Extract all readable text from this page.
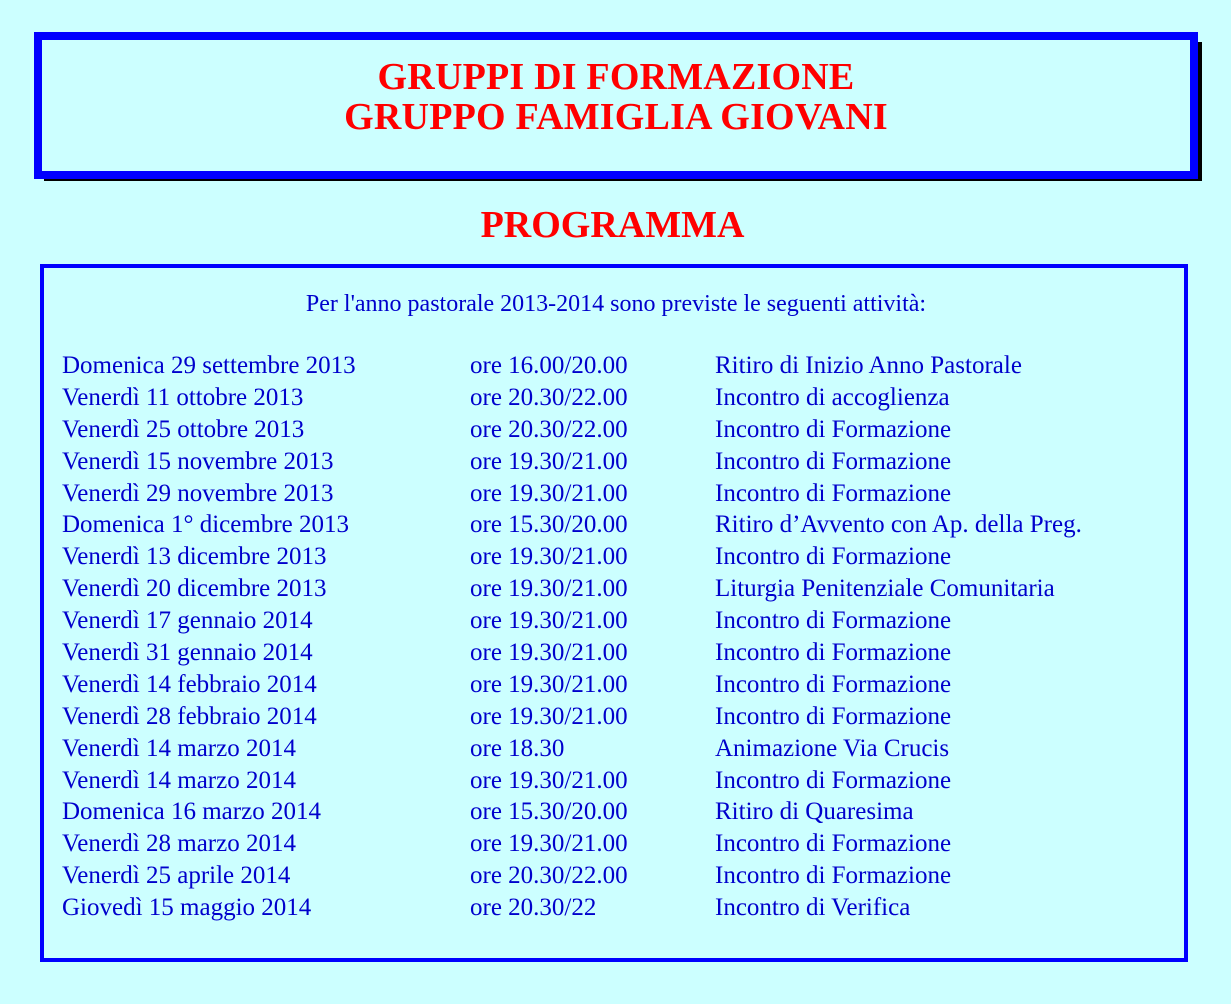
GRUPPI DI FORMAZIONE
GRUPPO FAMIGLIA GIOVANI
PROGRAMMA
Per l'anno pastorale 2013-2014 sono previste le seguenti attività:
Domenica 29 settembre 2013	ore 16.00/20.00	Ritiro di Inizio Anno Pastorale
Venerdì 11 ottobre 2013	ore 20.30/22.00	Incontro di accoglienza
Venerdì 25 ottobre 2013	ore 20.30/22.00	Incontro di Formazione
Venerdì 15 novembre 2013	ore 19.30/21.00	Incontro di Formazione
Venerdì 29 novembre 2013	ore 19.30/21.00	Incontro di Formazione
Domenica 1° dicembre 2013	ore 15.30/20.00	Ritiro d’Avvento con Ap. della Preg.
Venerdì 13 dicembre 2013	ore 19.30/21.00	Incontro di Formazione
Venerdì 20 dicembre 2013	ore 19.30/21.00	Liturgia Penitenziale Comunitaria
Venerdì 17 gennaio 2014	ore 19.30/21.00	Incontro di Formazione
Venerdì 31 gennaio 2014	ore 19.30/21.00	Incontro di Formazione
Venerdì 14 febbraio 2014	ore 19.30/21.00	Incontro di Formazione
Venerdì 28 febbraio 2014	ore 19.30/21.00	Incontro di Formazione
Venerdì 14 marzo 2014	ore 18.30	Animazione Via Crucis
Venerdì 14 marzo 2014	ore 19.30/21.00	Incontro di Formazione
Domenica 16 marzo 2014	ore 15.30/20.00	Ritiro di Quaresima
Venerdì 28 marzo 2014	ore 19.30/21.00	Incontro di Formazione
Venerdì 25 aprile 2014	ore 20.30/22.00	Incontro di Formazione
Giovedì 15 maggio 2014	ore 20.30/22	Incontro di Verifica
